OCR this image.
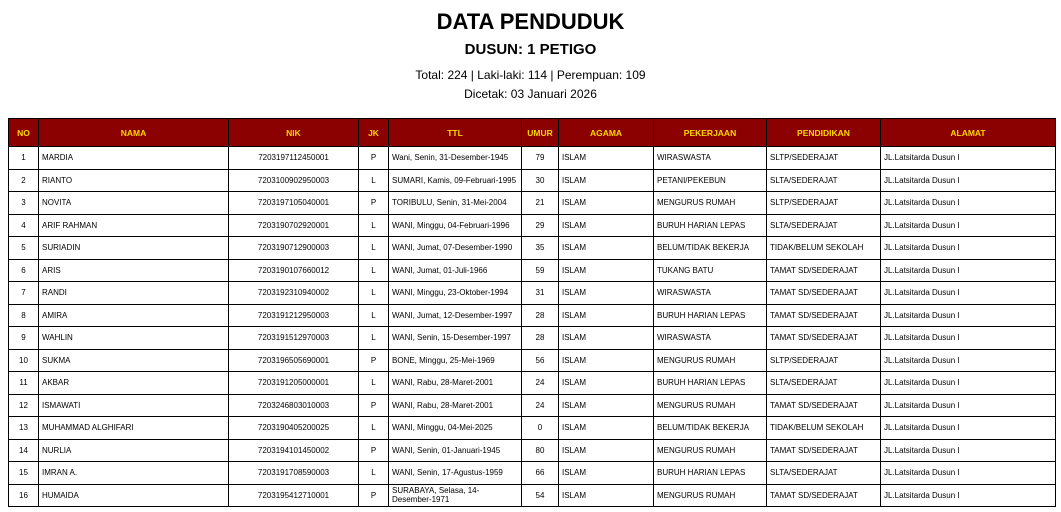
DATA PENDUDUK
DUSUN: 1 PETIGO
Total: 224 | Laki-laki: 114 | Perempuan: 109
Dicetak: 03 Januari 2026
NO	NAMA	NIK	JK	TTL	UMUR	AGAMA	PEKERJAAN	PENDIDIKAN	ALAMAT
1	MARDIA	7203197112450001	P	Wani, Senin, 31-Desember-1945	79	ISLAM	WIRASWASTA	SLTP/SEDERAJAT	JL.Latsitarda Dusun I
2	RIANTO	7203100902950003	L	SUMARI, Kamis, 09-Februari-1995	30	ISLAM	PETANI/PEKEBUN	SLTA/SEDERAJAT	JL.Latsitarda Dusun I
3	NOVITA	7203197105040001	P	TORIBULU, Senin, 31-Mei-2004	21	ISLAM	MENGURUS RUMAH	SLTP/SEDERAJAT	JL.Latsitarda Dusun I
4	ARIF RAHMAN	7203190702920001	L	WANI, Minggu, 04-Februari-1996	29	ISLAM	BURUH HARIAN LEPAS	SLTA/SEDERAJAT	JL.Latsitarda Dusun I
5	SURIADIN	7203190712900003	L	WANI, Jumat, 07-Desember-1990	35	ISLAM	BELUM/TIDAK BEKERJA	TIDAK/BELUM SEKOLAH	JL.Latsitarda Dusun I
6	ARIS	7203190107660012	L	WANI, Jumat, 01-Juli-1966	59	ISLAM	TUKANG BATU	TAMAT SD/SEDERAJAT	JL.Latsitarda Dusun I
7	RANDI	7203192310940002	L	WANI, Minggu, 23-Oktober-1994	31	ISLAM	WIRASWASTA	TAMAT SD/SEDERAJAT	JL.Latsitarda Dusun I
8	AMIRA	7203191212950003	L	WANI, Jumat, 12-Desember-1997	28	ISLAM	BURUH HARIAN LEPAS	TAMAT SD/SEDERAJAT	JL.Latsitarda Dusun I
9	WAHLIN	7203191512970003	L	WANI, Senin, 15-Desember-1997	28	ISLAM	WIRASWASTA	TAMAT SD/SEDERAJAT	JL.Latsitarda Dusun I
10	SUKMA	7203196505690001	P	BONE, Minggu, 25-Mei-1969	56	ISLAM	MENGURUS RUMAH	SLTP/SEDERAJAT	JL.Latsitarda Dusun I
11	AKBAR	7203191205000001	L	WANI, Rabu, 28-Maret-2001	24	ISLAM	BURUH HARIAN LEPAS	SLTA/SEDERAJAT	JL.Latsitarda Dusun I
12	ISMAWATI	7203246803010003	P	WANI, Rabu, 28-Maret-2001	24	ISLAM	MENGURUS RUMAH	TAMAT SD/SEDERAJAT	JL.Latsitarda Dusun I
13	MUHAMMAD ALGHIFARI	7203190405200025	L	WANI, Minggu, 04-Mei-2025	0	ISLAM	BELUM/TIDAK BEKERJA	TIDAK/BELUM SEKOLAH	JL.Latsitarda Dusun I
14	NURLIA	7203194101450002	P	WANI, Senin, 01-Januari-1945	80	ISLAM	MENGURUS RUMAH	TAMAT SD/SEDERAJAT	JL.Latsitarda Dusun I
15	IMRAN A.	7203191708590003	L	WANI, Senin, 17-Agustus-1959	66	ISLAM	BURUH HARIAN LEPAS	SLTA/SEDERAJAT	JL.Latsitarda Dusun I
16	HUMAIDA	7203195412710001	P	SURABAYA, Selasa, 14-Desember-1971	54	ISLAM	MENGURUS RUMAH	TAMAT SD/SEDERAJAT	JL.Latsitarda Dusun I
